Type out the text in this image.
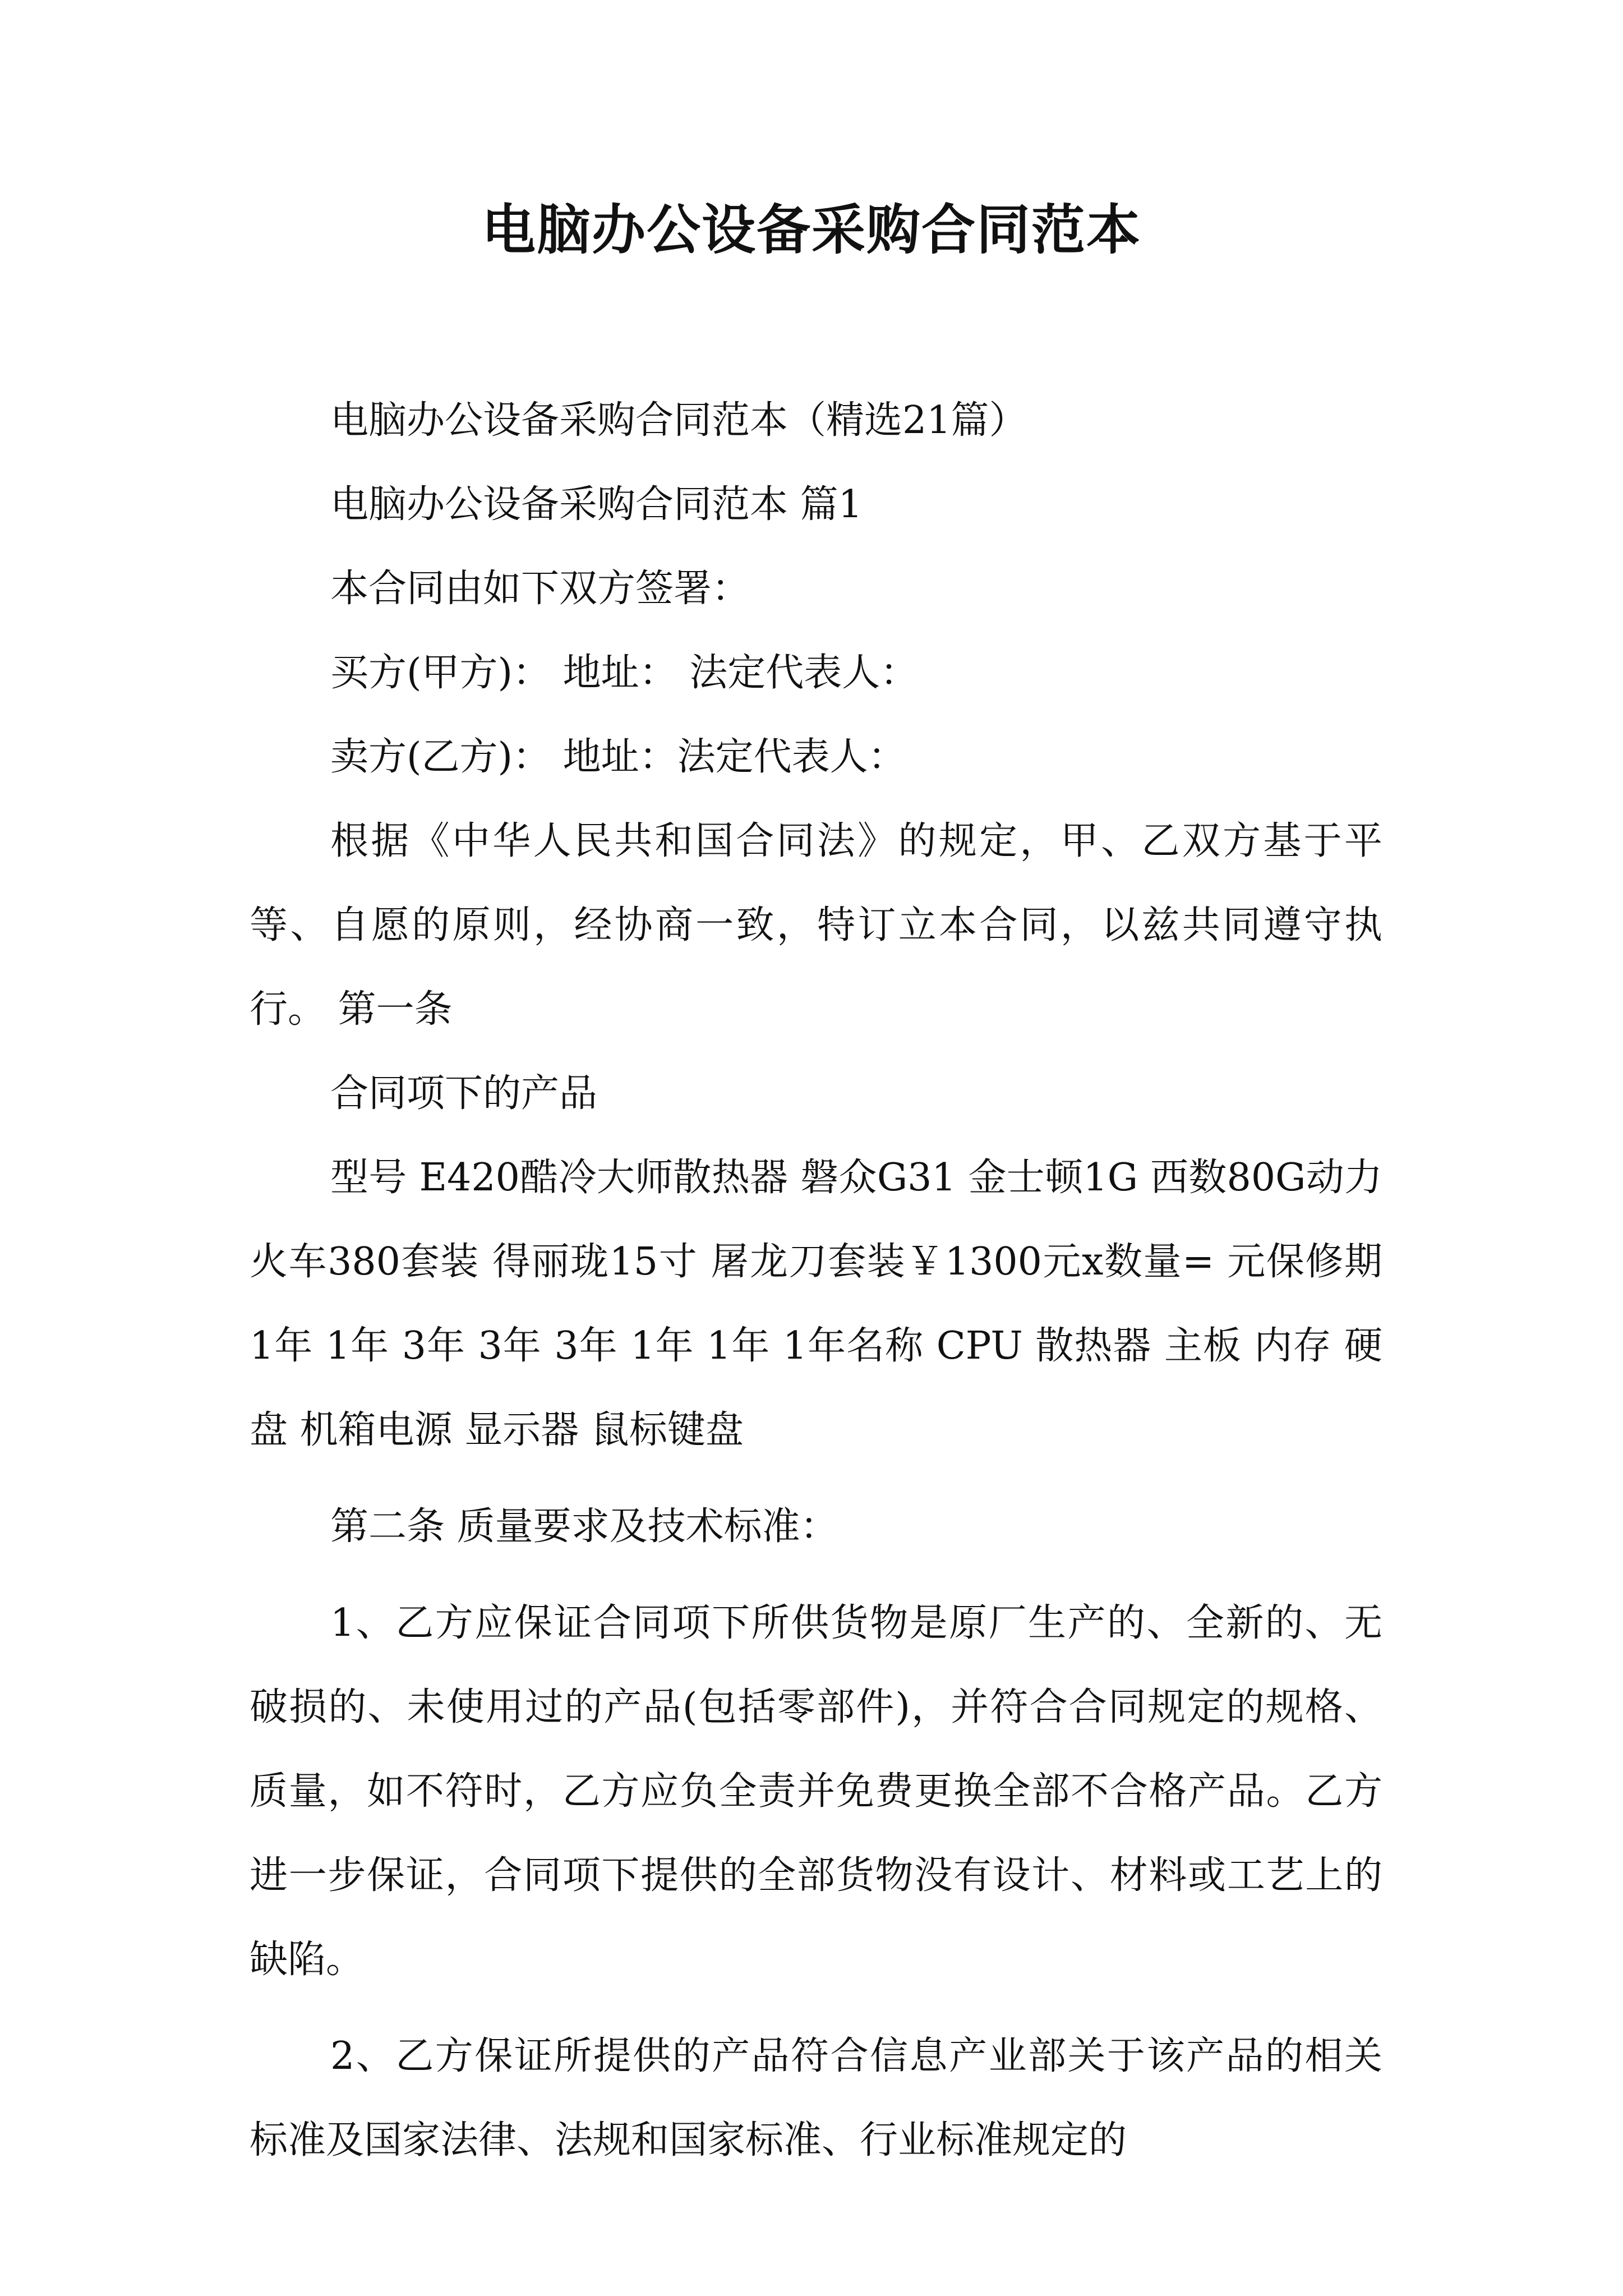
电脑办公设备采购合同范本

电脑办公设备采购合同范本（精选21篇）

电脑办公设备采购合同范本 篇1

本合同由如下双方签署：

买方(甲方)： 地址： 法定代表人：

卖方(乙方)： 地址：法定代表人：

根据《中华人民共和国合同法》的规定，甲、乙双方基于平等、自愿的原则，经协商一致，特订立本合同，以兹共同遵守执行。 第一条

合同项下的产品

型号 E420酷冷大师散热器 磐众G31 金士顿1G 西数80G动力火车380套装 得丽珑15寸 屠龙刀套装￥1300元x数量= 元保修期 1年 1年 3年 3年 3年 1年 1年 1年名称 CPU 散热器 主板 内存 硬盘 机箱电源 显示器 鼠标键盘

第二条 质量要求及技术标准：

1、乙方应保证合同项下所供货物是原厂生产的、全新的、无破损的、未使用过的产品(包括零部件)，并符合合同规定的规格、质量，如不符时，乙方应负全责并免费更换全部不合格产品。乙方进一步保证，合同项下提供的全部货物没有设计、材料或工艺上的缺陷。

2、乙方保证所提供的产品符合信息产业部关于该产品的相关标准及国家法律、法规和国家标准、行业标准规定的
